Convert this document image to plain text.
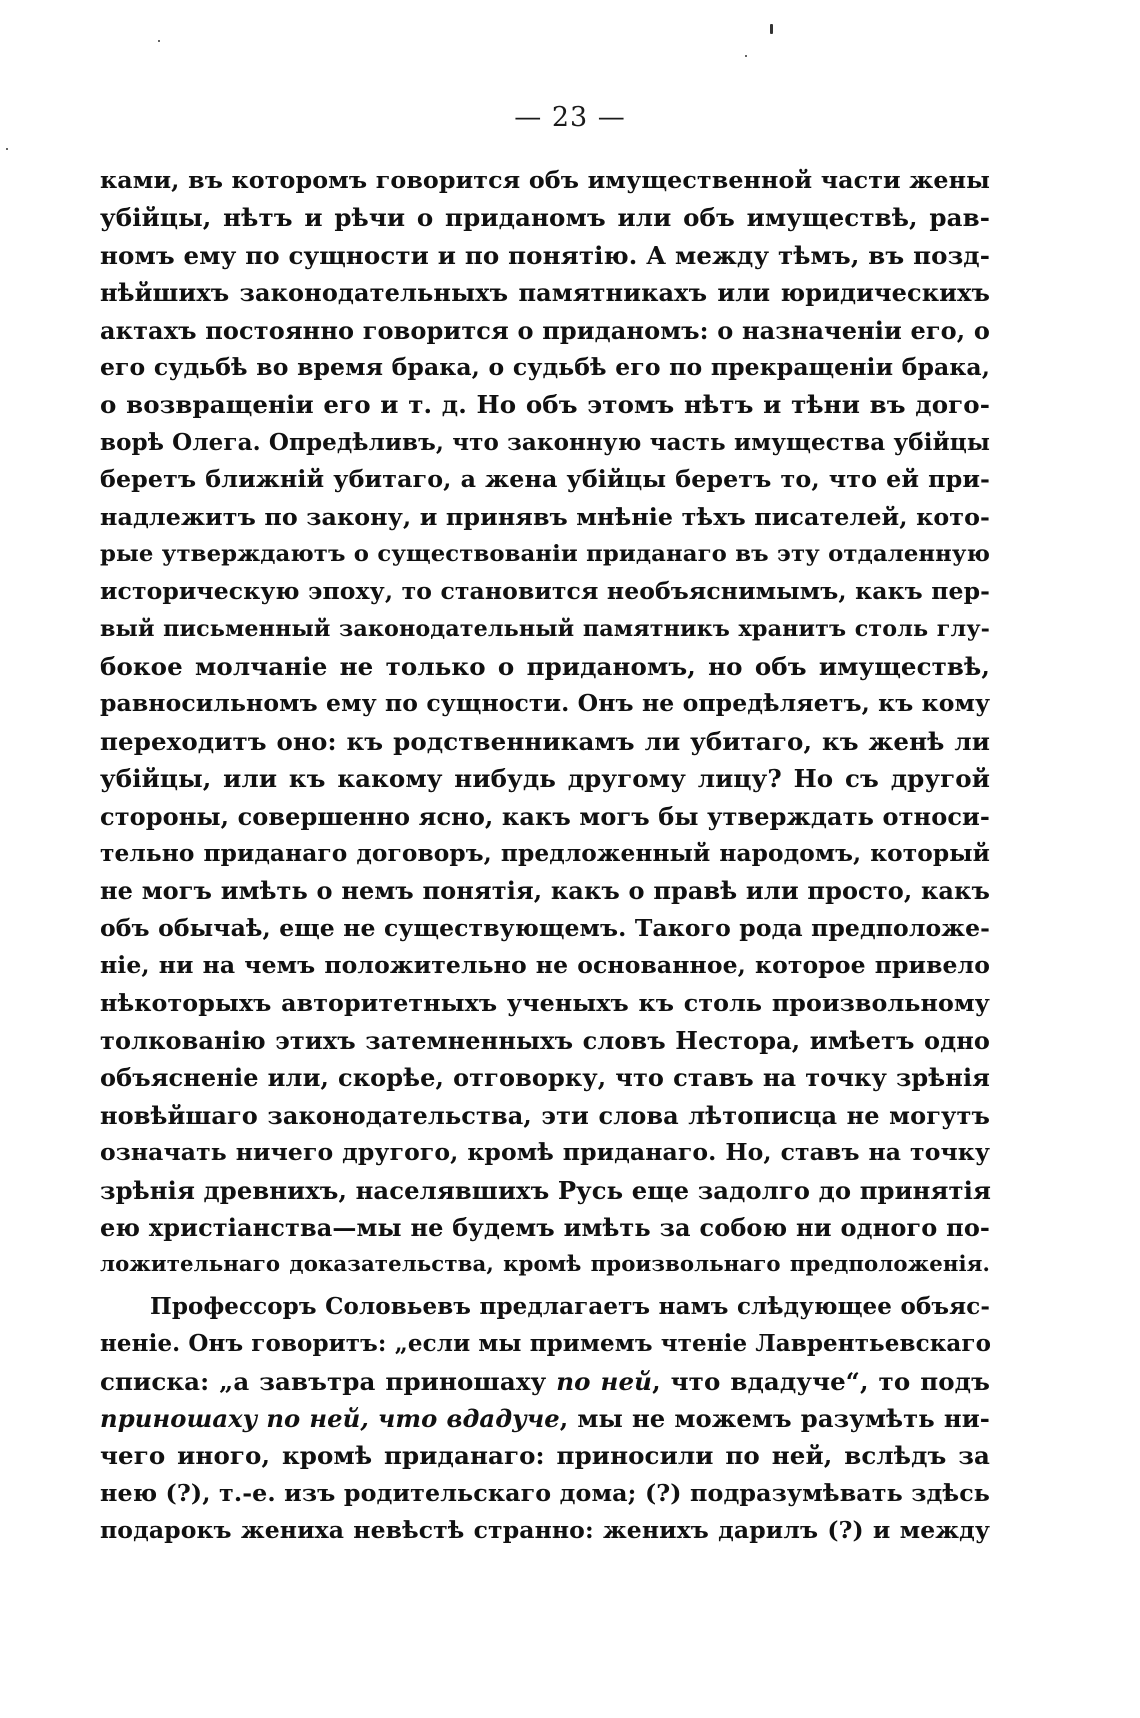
— 23 —
ками, въ которомъ говорится объ имущественной части жены
убійцы, нѣтъ и рѣчи о приданомъ или объ имуществѣ, рав-
номъ ему по сущности и по понятію. А между тѣмъ, въ позд-
нѣйшихъ законодательныхъ памятникахъ или юридическихъ
актахъ постоянно говорится о приданомъ: о назначеніи его, о
его судьбѣ во время брака, о судьбѣ его по прекращеніи брака,
о возвращеніи его и т. д. Но объ этомъ нѣтъ и тѣни въ дого-
ворѣ Олега. Опредѣливъ, что законную часть имущества убійцы
беретъ ближній убитаго, а жена убійцы беретъ то, что ей при-
надлежитъ по закону, и принявъ мнѣніе тѣхъ писателей, кото-
рые утверждаютъ о существованіи приданаго въ эту отдаленную
историческую эпоху, то становится необъяснимымъ, какъ пер-
вый письменный законодательный памятникъ хранитъ столь глу-
бокое молчаніе не только о приданомъ, но объ имуществѣ,
равносильномъ ему по сущности. Онъ не опредѣляетъ, къ кому
переходитъ оно: къ родственникамъ ли убитаго, къ женѣ ли
убійцы, или къ какому нибудь другому лицу? Но съ другой
стороны, совершенно ясно, какъ могъ бы утверждать относи-
тельно приданаго договоръ, предложенный народомъ, который
не могъ имѣть о немъ понятія, какъ о правѣ или просто, какъ
объ обычаѣ, еще не существующемъ. Такого рода предположе-
ніе, ни на чемъ положительно не основанное, которое привело
нѣкоторыхъ авторитетныхъ ученыхъ къ столь произвольному
толкованію этихъ затемненныхъ словъ Нестора, имѣетъ одно
объясненіе или, скорѣе, отговорку, что ставъ на точку зрѣнія
новѣйшаго законодательства, эти слова лѣтописца не могутъ
означать ничего другого, кромѣ приданаго. Но, ставъ на точку
зрѣнія древнихъ, населявшихъ Русь еще задолго до принятія
ею христіанства—мы не будемъ имѣть за собою ни одного по-
ложительнаго доказательства, кромѣ произвольнаго предположенія.
Профессоръ Соловьевъ предлагаетъ намъ слѣдующее объяс-
неніе. Онъ говоритъ: „если мы примемъ чтеніе Лаврентьевскаго
списка: „а завътра приношаху по ней, что вдадуче“, то подъ
приношаху по ней, что вдадуче, мы не можемъ разумѣть ни-
чего иного, кромѣ приданаго: приносили по ней, вслѣдъ за
нею (?), т.-е. изъ родительскаго дома; (?) подразумѣвать здѣсь
подарокъ жениха невѣстѣ странно: женихъ дарилъ (?) и между
